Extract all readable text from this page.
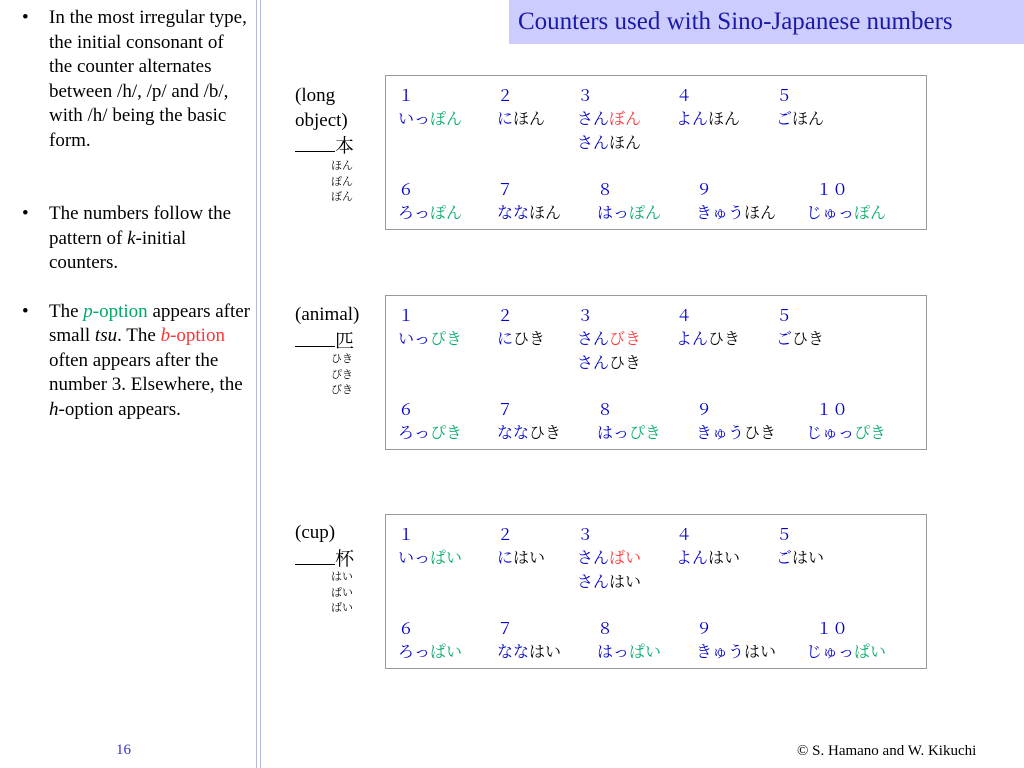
• In the most irregular type, the initial consonant of the counter alternates between /h/, /p/ and /b/, with /h/ being the basic form.
• The numbers follow the pattern of k-initial counters.
• The p-option appears after small tsu. The b-option often appears after the number 3. Elsewhere, the h-option appears.
16
Counters used with Sino-Japanese numbers
(long
object)
本
ほん
ぽん
ぼん
１
いっぽん
６
ろっぽん
２
にほん
７
ななほん
３
さんぼん
８
はっぽん
４
よんほん
９
きゅうほん
５
ごほん
１０
じゅっぽん
さんほん
(animal)
匹
ひき
ぴき
びき
１
いっぴき
６
ろっぴき
２
にひき
７
ななひき
３
さんびき
８
はっぴき
４
よんひき
９
きゅうひき
５
ごひき
１０
じゅっぴき
さんひき
(cup)
杯
はい
ぱい
ばい
１
いっぱい
６
ろっぱい
２
にはい
７
ななはい
３
さんばい
８
はっぱい
４
よんはい
９
きゅうはい
５
ごはい
１０
じゅっぱい
さんはい
© S. Hamano and W. Kikuchi
